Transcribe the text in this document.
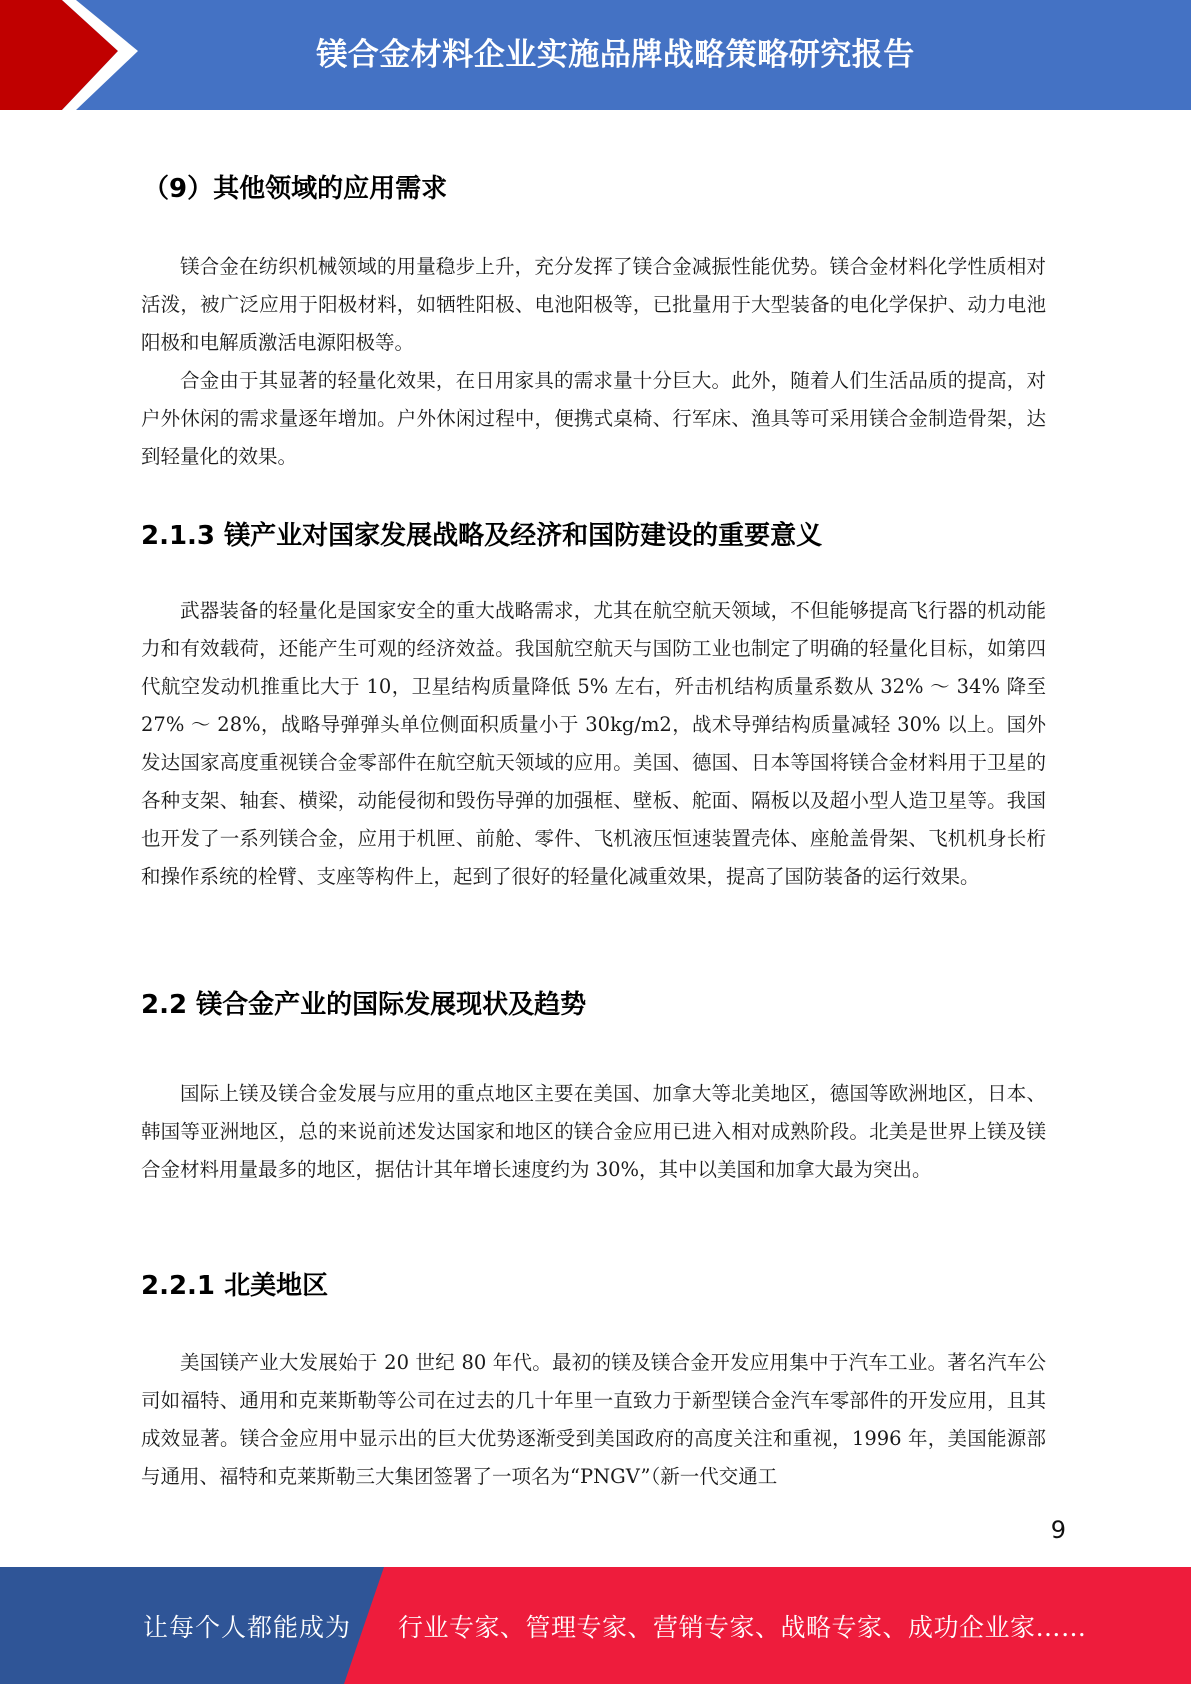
镁合金材料企业实施品牌战略策略研究报告
（9）其他领域的应用需求

镁合金在纺织机械领域的用量稳步上升，充分发挥了镁合金减振性能优势。镁合金材料化学性质相对活泼，被广泛应用于阳极材料，如牺牲阳极、电池阳极等，已批量用于大型装备的电化学保护、动力电池阳极和电解质激活电源阳极等。

合金由于其显著的轻量化效果，在日用家具的需求量十分巨大。此外，随着人们生活品质的提高，对户外休闲的需求量逐年增加。户外休闲过程中，便携式桌椅、行军床、渔具等可采用镁合金制造骨架，达到轻量化的效果。

2.1.3 镁产业对国家发展战略及经济和国防建设的重要意义

武器装备的轻量化是国家安全的重大战略需求，尤其在航空航天领域，不但能够提高飞行器的机动能力和有效载荷，还能产生可观的经济效益。我国航空航天与国防工业也制定了明确的轻量化目标，如第四代航空发动机推重比大于 10，卫星结构质量降低 5% 左右，歼击机结构质量系数从 32% ～ 34% 降至 27% ～ 28%，战略导弹弹头单位侧面积质量小于 30kg/m2，战术导弹结构质量减轻 30% 以上。国外发达国家高度重视镁合金零部件在航空航天领域的应用。美国、德国、日本等国将镁合金材料用于卫星的各种支架、轴套、横梁，动能侵彻和毁伤导弹的加强框、壁板、舵面、隔板以及超小型人造卫星等。我国也开发了一系列镁合金，应用于机匣、前舱、零件、飞机液压恒速装置壳体、座舱盖骨架、飞机机身长桁和操作系统的栓臂、支座等构件上，起到了很好的轻量化减重效果，提高了国防装备的运行效果。

2.2 镁合金产业的国际发展现状及趋势

国际上镁及镁合金发展与应用的重点地区主要在美国、加拿大等北美地区，德国等欧洲地区，日本、韩国等亚洲地区，总的来说前述发达国家和地区的镁合金应用已进入相对成熟阶段。北美是世界上镁及镁合金材料用量最多的地区，据估计其年增长速度约为 30%，其中以美国和加拿大最为突出。

2.2.1 北美地区

美国镁产业大发展始于 20 世纪 80 年代。最初的镁及镁合金开发应用集中于汽车工业。著名汽车公司如福特、通用和克莱斯勒等公司在过去的几十年里一直致力于新型镁合金汽车零部件的开发应用，且其成效显著。镁合金应用中显示出的巨大优势逐渐受到美国政府的高度关注和重视，1996 年，美国能源部与通用、福特和克莱斯勒三大集团签署了一项名为“PNGV”（新一代交通工

9
让每个人都能成为 行业专家、管理专家、营销专家、战略专家、成功企业家……
